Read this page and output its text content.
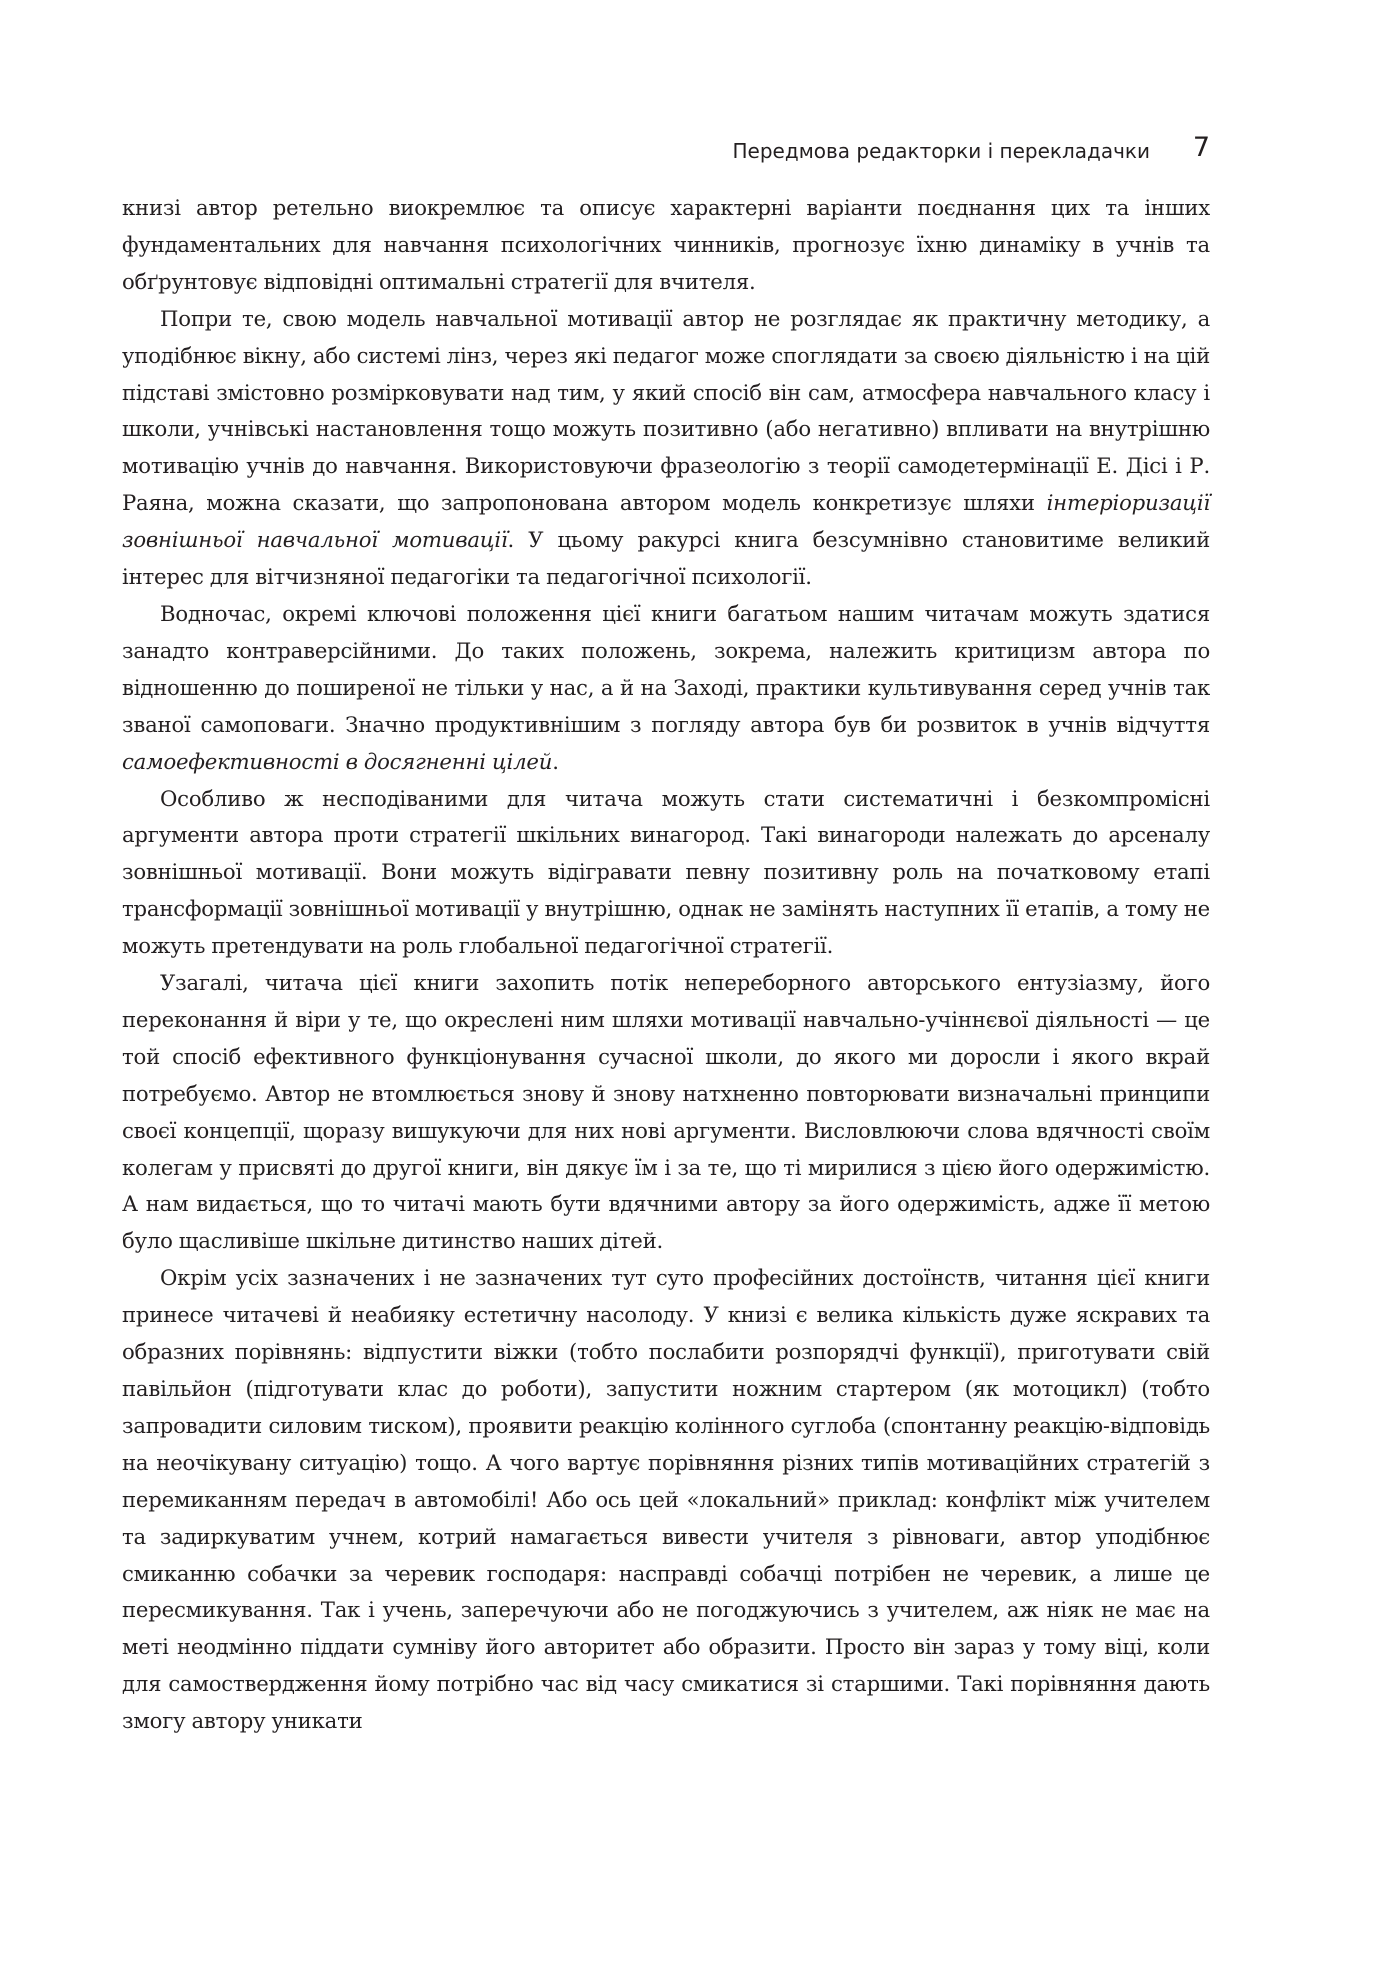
Передмова редакторки і перекладачки 7

книзі автор ретельно виокремлює та описує характерні варіанти поєднання цих та інших фундаментальних для навчання психологічних чинників, прогнозує їхню динаміку в учнів та обґрунтовує відповідні оптимальні стратегії для вчителя.

Попри те, свою модель навчальної мотивації автор не розглядає як практичну методику, а уподібнює вікну, або системі лінз, через які педагог може споглядати за своєю діяльністю і на цій підставі змістовно розмірковувати над тим, у який спосіб він сам, атмосфера навчального класу і школи, учнівські настановлення тощо можуть позитивно (або негативно) впливати на внутрішню мотивацію учнів до навчання. Використовуючи фразеологію з теорії самодетермінації Е. Дісі і Р. Раяна, можна сказати, що запропонована автором модель конкретизує шляхи інтеріоризації зовнішньої навчальної мотивації. У цьому ракурсі книга безсумнівно становитиме великий інтерес для вітчизняної педагогіки та педагогічної психології.

Водночас, окремі ключові положення цієї книги багатьом нашим читачам можуть здатися занадто контраверсійними. До таких положень, зокрема, належить критицизм автора по відношенню до поширеної не тільки у нас, а й на Заході, практики культивування серед учнів так званої самоповаги. Значно продуктивнішим з погляду автора був би розвиток в учнів відчуття самоефективності в досягненні цілей.

Особливо ж несподіваними для читача можуть стати систематичні і безкомпромісні аргументи автора проти стратегії шкільних винагород. Такі винагороди належать до арсеналу зовнішньої мотивації. Вони можуть відігравати певну позитивну роль на початковому етапі трансформації зовнішньої мотивації у внутрішню, однак не замінять наступних її етапів, а тому не можуть претендувати на роль глобальної педагогічної стратегії.

Узагалі, читача цієї книги захопить потік непереборного авторського ентузіазму, його переконання й віри у те, що окреслені ним шляхи мотивації навчально-учіннєвої діяльності — це той спосіб ефективного функціонування сучасної школи, до якого ми доросли і якого вкрай потребуємо. Автор не втомлюється знову й знову натхненно повторювати визначальні принципи своєї концепції, щоразу вишукуючи для них нові аргументи. Висловлюючи слова вдячності своїм колегам у присвяті до другої книги, він дякує їм і за те, що ті мирилися з цією його одержимістю. А нам видається, що то читачі мають бути вдячними автору за його одержимість, адже її метою було щасливіше шкільне дитинство наших дітей.

Окрім усіх зазначених і не зазначених тут суто професійних достоїнств, читання цієї книги принесе читачеві й неабияку естетичну насолоду. У книзі є велика кількість дуже яскравих та образних порівнянь: відпустити віжки (тобто послабити розпорядчі функції), приготувати свій павільйон (підготувати клас до роботи), запустити ножним стартером (як мотоцикл) (тобто запровадити силовим тиском), проявити реакцію колінного суглоба (спонтанну реакцію-відповідь на неочікувану ситуацію) тощо. А чого вартує порівняння різних типів мотиваційних стратегій з перемиканням передач в автомобілі! Або ось цей «локальний» приклад: конфлікт між учителем та задиркуватим учнем, котрий намагається вивести учителя з рівноваги, автор уподібнює смиканню собачки за черевик господаря: насправді собачці потрібен не черевик, а лише це пересмикування. Так і учень, заперечуючи або не погоджуючись з учителем, аж ніяк не має на меті неодмінно піддати сумніву його авторитет або образити. Просто він зараз у тому віці, коли для самоствердження йому потрібно час від часу смикатися зі старшими. Такі порівняння дають змогу автору уникати
